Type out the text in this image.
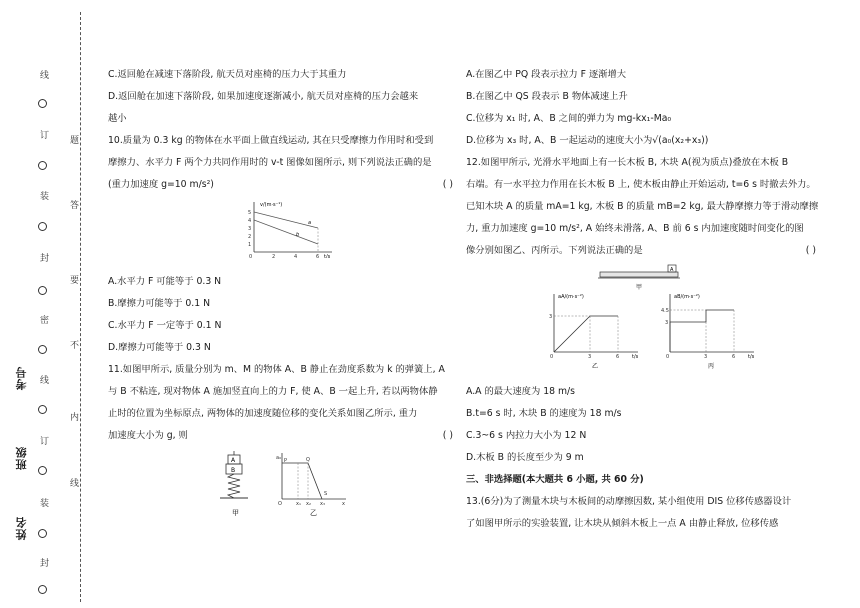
线
订
装
封
密
线
订
装
封
题
答
要
不
内
线
考号
班级
姓名

C.返回舱在减速下落阶段, 航天员对座椅的压力大于其重力

D.返回舱在加速下落阶段, 如果加速度逐渐减小, 航天员对座椅的压力会越来

越小

10.质量为 0.3 kg 的物体在水平面上做直线运动, 其在只受摩擦力作用时和受到

摩擦力、水平力 F 两个力共同作用时的 v-t 图像如图所示, 则下列说法正确的是

(重力加速度 g=10 m/s²)	( )
v/(m·s⁻¹)
t/s
5
4
3
2
1
0	2	4	6
a
b

A.水平力 F 可能等于 0.3 N

B.摩擦力可能等于 0.1 N

C.水平力 F 一定等于 0.1 N

D.摩擦力可能等于 0.3 N

11.如图甲所示, 质量分别为 m、M 的物体 A、B 静止在劲度系数为 k 的弹簧上, A

与 B 不粘连, 现对物体 A 施加竖直向上的力 F, 使 A、B 一起上升, 若以两物体静

止时的位置为坐标原点, 两物体的加速度随位移的变化关系如图乙所示, 重力

加速度大小为 g, 则	( )
A
B
甲
a₀ P	Q
O	x₁ x₂ x₃
S
x
乙

A.在图乙中 PQ 段表示拉力 F 逐渐增大

B.在图乙中 QS 段表示 B 物体减速上升

C.位移为 x₁ 时, A、B 之间的弹力为 mg-kx₁-Ma₀

D.位移为 x₃ 时, A、B 一起运动的速度大小为√(a₀(x₂+x₃))

12.如图甲所示, 光滑水平地面上有一长木板 B, 木块 A(视为质点)叠放在木板 B

右端。有一水平拉力作用在长木板 B 上, 使木板由静止开始运动, t=6 s 时撤去外力。

已知木块 A 的质量 mA=1 kg, 木板 B 的质量 mB=2 kg, 最大静摩擦力等于滑动摩擦

力, 重力加速度 g=10 m/s², A 始终未滑落, A、B 前 6 s 内加速度随时间变化的图

像分别如图乙、丙所示。下列说法正确的是	( )
A
甲
aA/(m·s⁻²)
3
0	3	6	t/s
乙
aB/(m·s⁻²)
4.5
3
0	3	6	t/s
丙

A.A 的最大速度为 18 m/s

B.t=6 s 时, 木块 B 的速度为 18 m/s

C.3~6 s 内拉力大小为 12 N

D.木板 B 的长度至少为 9 m

三、非选择题(本大题共 6 小题, 共 60 分)

13.(6分)为了测量木块与木板间的动摩擦因数, 某小组使用 DIS 位移传感器设计

了如图甲所示的实验装置, 让木块从倾斜木板上一点 A 由静止释放, 位移传感
